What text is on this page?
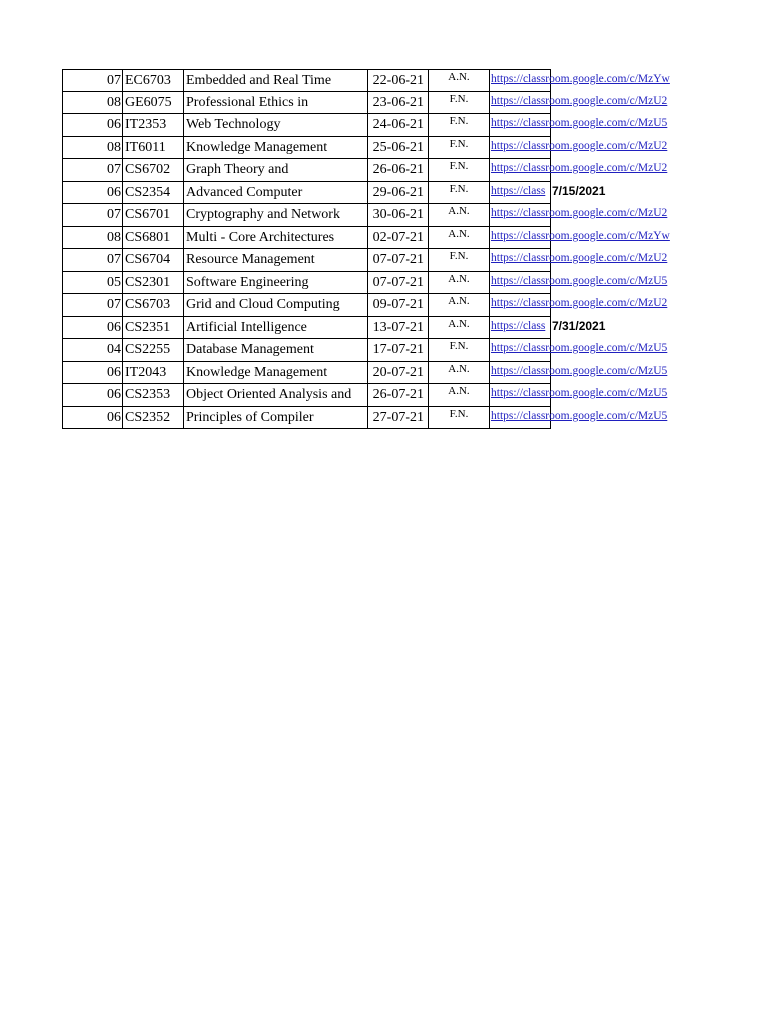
07 EC6703	Embedded and Real Time	22-06-21	A.N.	https://classroom.google.com/c/MzYw
08 GE6075	Professional Ethics in	23-06-21	F.N.	https://classroom.google.com/c/MzU2
06 IT2353	Web Technology	24-06-21	F.N.	https://classroom.google.com/c/MzU5
08 IT6011	Knowledge Management	25-06-21	F.N.	https://classroom.google.com/c/MzU2
07 CS6702	Graph Theory and	26-06-21	F.N.	https://classroom.google.com/c/MzU2
06 CS2354	Advanced Computer	29-06-21	F.N.	https://class 7/15/2021
07 CS6701	Cryptography and Network	30-06-21	A.N.	https://classroom.google.com/c/MzU2
08 CS6801	Multi - Core Architectures	02-07-21	A.N.	https://classroom.google.com/c/MzYw
07 CS6704	Resource Management	07-07-21	F.N.	https://classroom.google.com/c/MzU2
05 CS2301	Software Engineering	07-07-21	A.N.	https://classroom.google.com/c/MzU5
07 CS6703	Grid and Cloud Computing	09-07-21	A.N.	https://classroom.google.com/c/MzU2
06 CS2351	Artificial Intelligence	13-07-21	A.N.	https://class 7/31/2021
04 CS2255	Database Management	17-07-21	F.N.	https://classroom.google.com/c/MzU5
06 IT2043	Knowledge Management	20-07-21	A.N.	https://classroom.google.com/c/MzU5
06 CS2353	Object Oriented Analysis and	26-07-21	A.N.	https://classroom.google.com/c/MzU5
06 CS2352	Principles of Compiler	27-07-21	F.N.	https://classroom.google.com/c/MzU5
